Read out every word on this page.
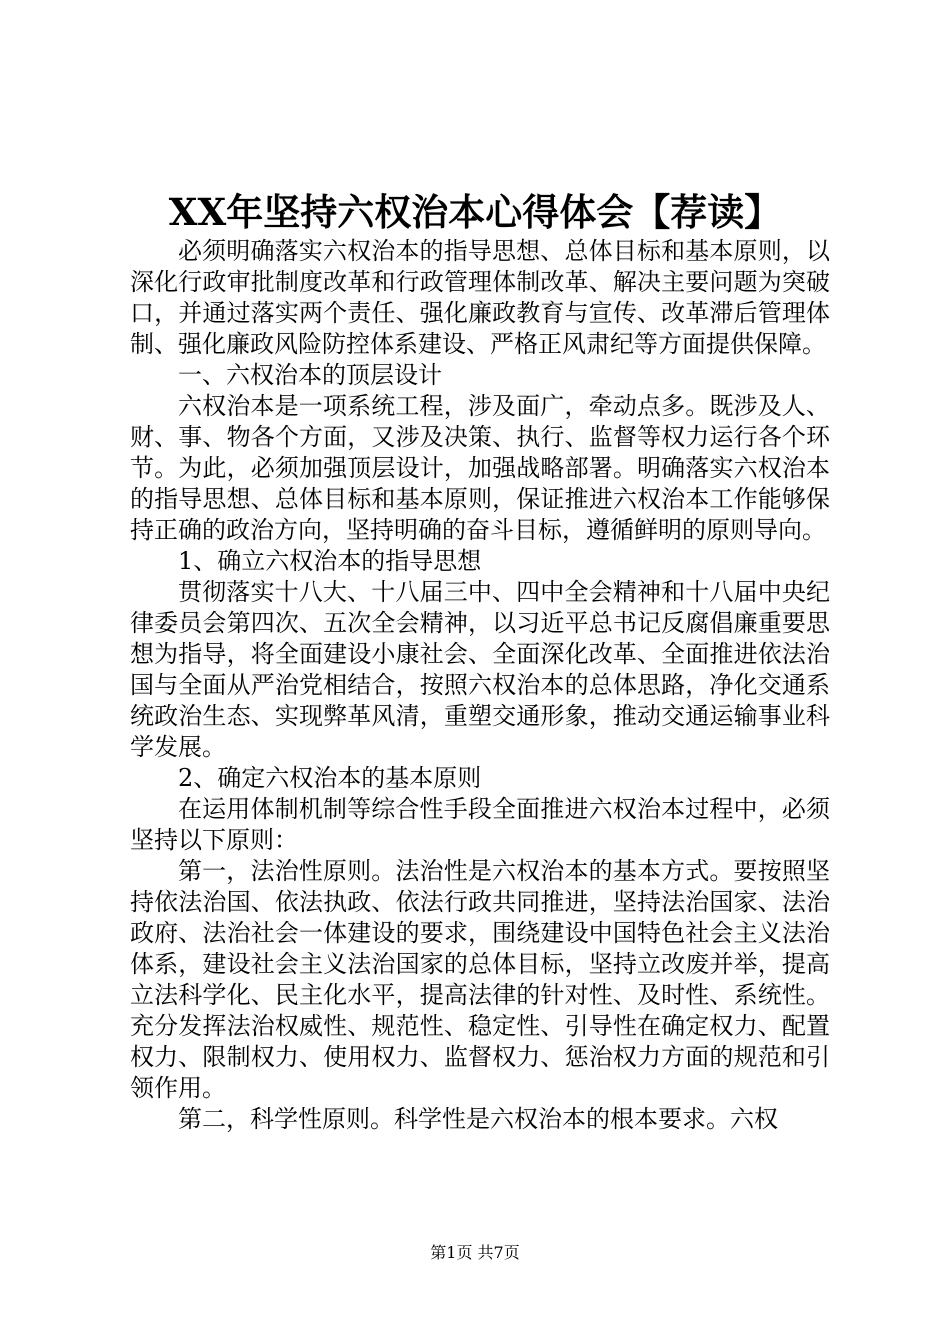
XX年坚持六权治本心得体会【荐读】

必须明确落实六权治本的指导思想、总体目标和基本原则，以深化行政审批制度改革和行政管理体制改革、解决主要问题为突破口，并通过落实两个责任、强化廉政教育与宣传、改革滞后管理体制、强化廉政风险防控体系建设、严格正风肃纪等方面提供保障。

一、六权治本的顶层设计

六权治本是一项系统工程，涉及面广，牵动点多。既涉及人、财、事、物各个方面，又涉及决策、执行、监督等权力运行各个环节。为此，必须加强顶层设计，加强战略部署。明确落实六权治本的指导思想、总体目标和基本原则，保证推进六权治本工作能够保持正确的政治方向，坚持明确的奋斗目标，遵循鲜明的原则导向。

1、确立六权治本的指导思想

贯彻落实十八大、十八届三中、四中全会精神和十八届中央纪律委员会第四次、五次全会精神，以习近平总书记反腐倡廉重要思想为指导，将全面建设小康社会、全面深化改革、全面推进依法治国与全面从严治党相结合，按照六权治本的总体思路，净化交通系统政治生态、实现弊革风清，重塑交通形象，推动交通运输事业科学发展。

2、确定六权治本的基本原则

在运用体制机制等综合性手段全面推进六权治本过程中，必须坚持以下原则：

第一，法治性原则。法治性是六权治本的基本方式。要按照坚持依法治国、依法执政、依法行政共同推进，坚持法治国家、法治政府、法治社会一体建设的要求，围绕建设中国特色社会主义法治体系，建设社会主义法治国家的总体目标，坚持立改废并举，提高立法科学化、民主化水平，提高法律的针对性、及时性、系统性。充分发挥法治权威性、规范性、稳定性、引导性在确定权力、配置权力、限制权力、使用权力、监督权力、惩治权力方面的规范和引领作用。

第二，科学性原则。科学性是六权治本的根本要求。六权

第1页 共7页
